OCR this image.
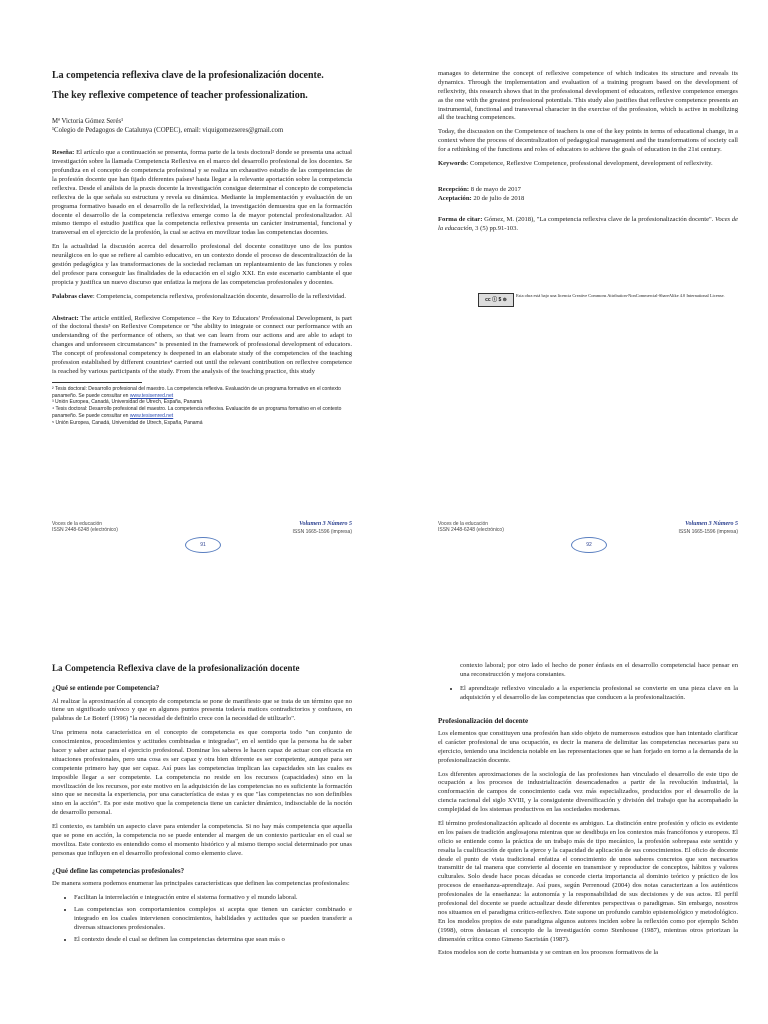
La competencia reflexiva clave de la profesionalización docente.

The key reflexive competence of teacher professionalization.

Mª Victoria Gómez Serés¹
¹Colegio de Pedagogos de Catalunya (COPEC), email: viquigomezseres@gmail.com

Reseña: El artículo que a continuación se presenta, forma parte de la tesis doctoral² donde se presenta una actual investigación sobre la llamada Competencia Reflexiva en el marco del desarrollo profesional de los docentes. Se profundiza en el concepto de competencia profesional y se realiza un exhaustivo estudio de las competencias de la profesión docente que han fijado diferentes países³ hasta llegar a la relevante aportación sobre la competencia reflexiva. Desde el análisis de la praxis docente la investigación consigue determinar el concepto de competencia reflexiva de la que señala su estructura y revela su dinámica. Mediante la implementación y evaluación de un programa formativo basado en el desarrollo de la reflexividad, la investigación demuestra que en la formación docente el desarrollo de la competencia reflexiva emerge como la de mayor potencial profesionalizador. Al mismo tiempo el estudio justifica que la competencia reflexiva presenta un carácter instrumental, funcional y transversal en el ejercicio de la profesión, la cual se activa en movilizar todas las competencias docentes.

En la actualidad la discusión acerca del desarrollo profesional del docente constituye uno de los puntos neurálgicos en lo que se refiere al cambio educativo, en un contexto donde el proceso de descentralización de la gestión pedagógica y las transformaciones de la sociedad reclaman un replanteamiento de las funciones y roles del profesor para conseguir las finalidades de la educación en el siglo XXI. En este escenario cambiante el que propicia y justifica un nuevo discurso que enfatiza la mejora de las competencias profesionales y docentes.

Palabras clave: Competencia, competencia reflexiva, profesionalización docente, desarrollo de la reflexividad.

Abstract: The article entitled, Reflexive Competence – the Key to Educators' Professional Development, is part of the doctoral thesis³ on Reflexive Competence or "the ability to integrate or connect our performance with an understanding of the performance of others, so that we can learn from our actions and are able to adapt to changes and unforeseen circumstances" is presented in the framework of professional development of educators. The concept of professional competency is deepened in an elaborate study of the competencies of the teaching profession established by different countries⁴ carried out until the relevant contribution on reflexive competence is reached by various participants of the study. From the analysis of the teaching practice, this study

² Tesis doctoral: Desarrollo profesional del maestro. La competencia reflexiva. Evaluación de un programa formativo en el contexto panameño. Se puede consultar en www.tesisenred.net
³ Unión Europea, Canadá, Universidad de Utrech, España, Panamá
⁴ Tesis doctoral: Desarrollo profesional del maestro. La competencia reflexiva. Evaluación de un programa formativo en el contexto panameño. Se puede consultar en www.tesisenred.net
⁵ Unión Europea, Canadá, Universidad de Utrech, España, Panamá
Voces de la educación
ISSN 2448-6248 (electrónico)
Volumen 3 Número 5
ISSN 1665-1596 (impresa)
91

manages to determine the concept of reflexive competence of which indicates its structure and reveals its dynamics. Through the implementation and evaluation of a training program based on the development of reflexivity, this research shows that in the professional development of educators, reflexive competence emerges as the one with the greatest professional potentials. This study also justifies that reflexive competence presents an instrumental, functional and transversal character in the exercise of the profession, which is active in mobilizing all the teaching competences.

Today, the discussion on the Competence of teachers is one of the key points in terms of educational change, in a context where the process of decentralization of pedagogical management and the transformations of society call for a rethinking of the functions and roles of educators to achieve the goals of education in the 21st century.

Keywords: Competence, Reflexive Competence, professional development, development of reflexivity.

Recepción: 8 de mayo de 2017
Aceptación: 20 de julio de 2018

Forma de citar: Gómez, M. (2018), "La competencia reflexiva clave de la profesionalización docente". Voces de la educación, 3 (5) pp.91-103.

cc ⓘ $ ⊚
Esta obra está bajo una licencia Creative Commons Attribution-NonCommercial-ShareAlike 4.0 International License.
Voces de la educación
ISSN 2448-6248 (electrónico)
Volumen 3 Número 5
ISSN 1665-1596 (impresa)
92
La Competencia Reflexiva clave de la profesionalización docente
¿Qué se entiende por Competencia?

Al realizar la aproximación al concepto de competencia se pone de manifiesto que se trata de un término que no tiene un significado unívoco y que en algunos puntos presenta todavía matices contradictorios y confusos, en palabras de Le Boterf (1996) "la necesidad de definirlo crece con la necesidad de utilizarlo".

Una primera nota característica en el concepto de competencia es que comporta todo "un conjunto de conocimientos, procedimientos y actitudes combinadas e integradas", en el sentido que la persona ha de saber hacer y saber actuar para el ejercicio profesional. Dominar los saberes le hacen capaz de actuar con eficacia en situaciones profesionales, pero una cosa es ser capaz y otra bien diferente es ser competente, aunque para ser competente primero hay que ser capaz. Así pues las competencias implican las capacidades sin las cuales es imposible llegar a ser competente. La competencia no reside en los recursos (capacidades) sino en la movilización de los recursos, por este motivo en la adquisición de las competencias no es suficiente la formación sino que se necesita la experiencia, por una característica de estas y es que "las competencias no son definibles sino en la acción". Es por este motivo que la competencia tiene un carácter dinámico, indisociable de la noción de desarrollo personal.

El contexto, es también un aspecto clave para entender la competencia. Si no hay más competencia que aquella que se pone en acción, la competencia no se puede entender al margen de un contexto particular en el cual se moviliza. Este contexto es entendido como el momento histórico y al mismo tiempo social determinado por unas personas que influyen en el desarrollo profesional como elemento clave.

¿Qué define las competencias profesionales?

De manera somera podemos enumerar las principales características que definen las competencias profesionales:

• Facilitan la interrelación e integración entre el sistema formativo y el mundo laboral.
• Las competencias son comportamientos complejos si acepta que tienen un carácter combinado e integrado en los cuales intervienen conocimientos, habilidades y actitudes que se pueden transferir a diversas situaciones profesionales.
• El contexto desde el cual se definen las competencias determina que sean más o

contexto laboral; por otro lado el hecho de poner énfasis en el desarrollo competencial hace pensar en una reconstrucción y mejora constantes.

• El aprendizaje reflexivo vinculado a la experiencia profesional se convierte en una pieza clave en la adquisición y el desarrollo de las competencias que conducen a la profesionalización.
Profesionalización del docente

Los elementos que constituyen una profesión han sido objeto de numerosos estudios que han intentado clarificar el carácter profesional de una ocupación, es decir la manera de delimitar las competencias necesarias para su ejercicio, teniendo una incidencia notable en las representaciones que se han forjado en torno a la demanda de la profesionalización docente.

Los diferentes aproximaciones de la sociología de las profesiones han vinculado el desarrollo de este tipo de ocupación a los procesos de industrialización desencadenados a partir de la revolución industrial, la conformación de campos de conocimiento cada vez más especializados, producidos por el desarrollo de la ciencia racional del siglo XVIII, y la consiguiente diversificación y división del trabajo que ha acompañado la complejidad de los sistemas productivos en las sociedades modernas.

El término profesionalización aplicado al docente es ambiguo. La distinción entre profesión y oficio es evidente en los países de tradición anglosajona mientras que se desdibuja en los contextos más francófonos y europeos. El oficio se entiende como la práctica de un trabajo más de tipo mecánico, la profesión sobrepasa este sentido y resalta la cualificación de quien la ejerce y la capacidad de aplicación de sus conocimientos. El oficio de docente desde el punto de vista tradicional enfatiza el conocimiento de unos saberes concretos que son necesarios transmitir de tal manera que convierte al docente en transmisor y reproductor de conceptos, hábitos y valores culturales. Solo desde hace pocas décadas se concede cierta importancia al dominio teórico y práctico de los procesos de enseñanza-aprendizaje. Así pues, según Perrenoud (2004) dos notas caracterizan a los auténticos profesionales de la enseñanza: la autonomía y la responsabilidad de sus decisiones y de sus actos. El perfil profesional del docente se puede actualizar desde diferentes perspectivas o paradigmas. Sin embargo, nosotros nos situamos en el paradigma crítico-reflexivo. Este supone un profundo cambio epistemológico y metodológico. En los modelos propios de este paradigma algunos autores inciden sobre la reflexión como por ejemplo Schön (1998), otros destacan el concepto de la investigación como Stenhouse (1987), mientras otros priorizan la dimensión crítica como Gimeno Sacristán (1987).

Estos modelos son de corte humanista y se centran en los procesos formativos de la
